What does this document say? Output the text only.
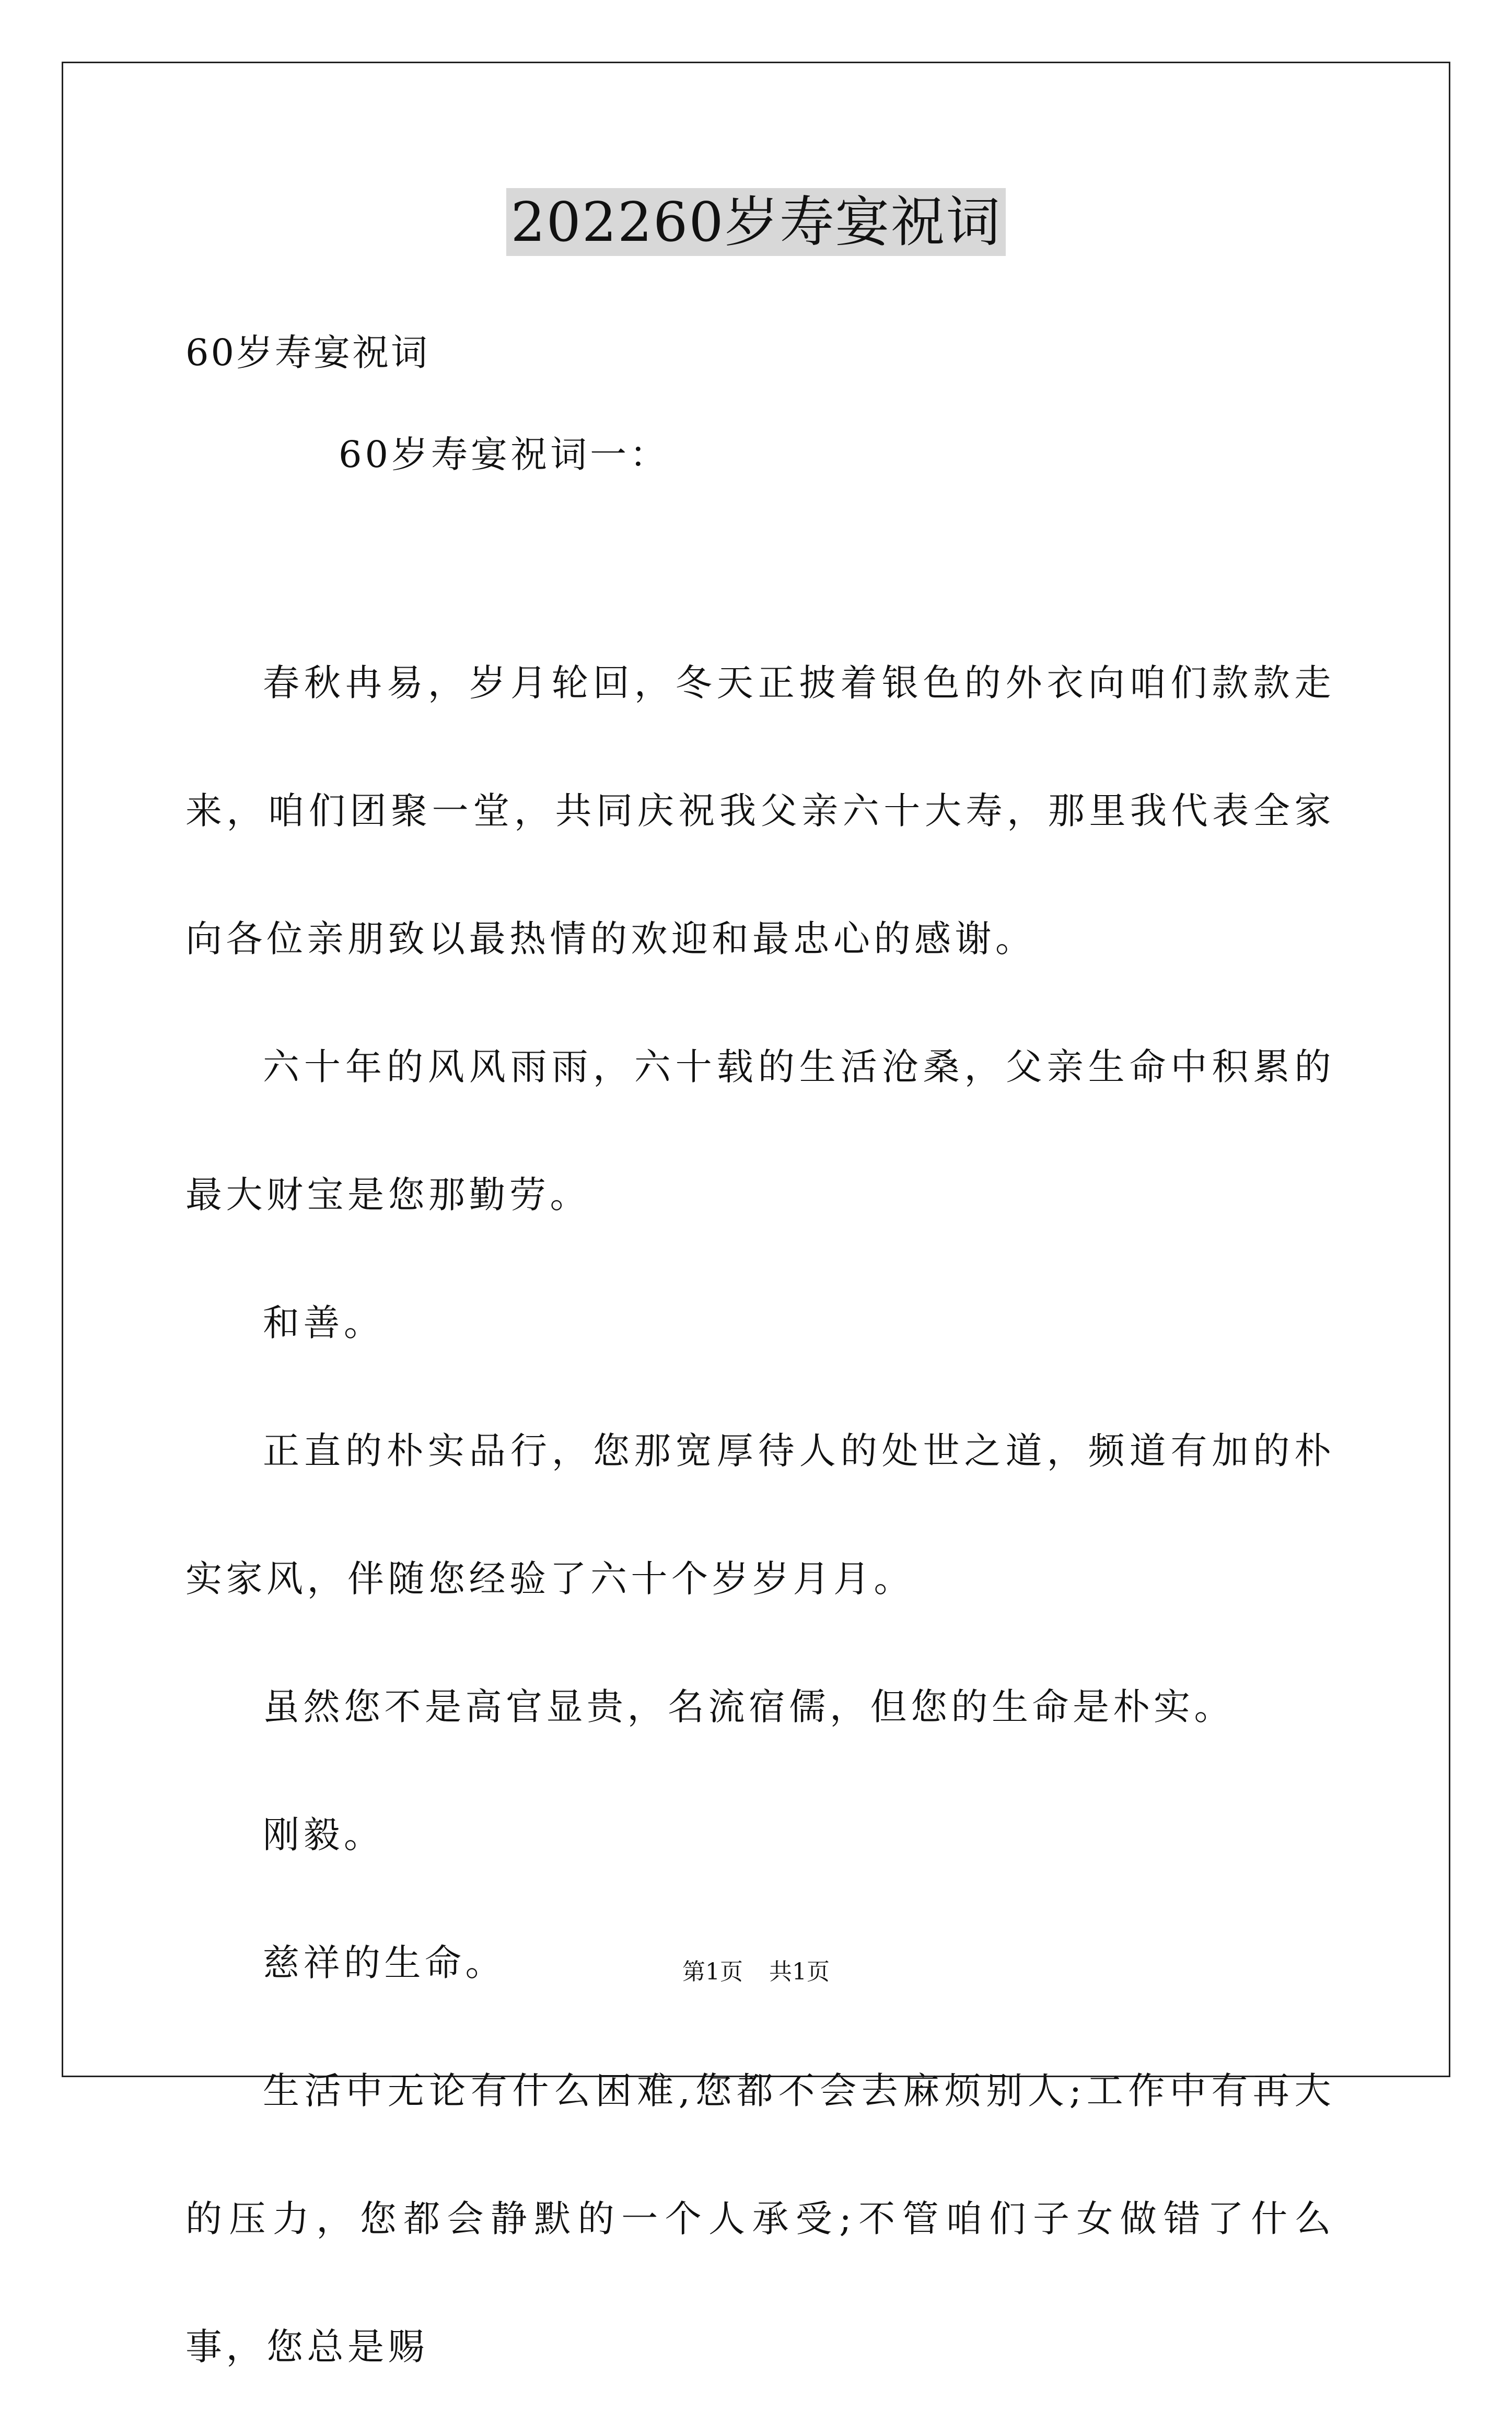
202260岁寿宴祝词
60岁寿宴祝词
60岁寿宴祝词一：

春秋冉易，岁月轮回，冬天正披着银色的外衣向咱们款款走来，咱们团聚一堂，共同庆祝我父亲六十大寿，那里我代表全家向各位亲朋致以最热情的欢迎和最忠心的感谢。

六十年的风风雨雨，六十载的生活沧桑，父亲生命中积累的最大财宝是您那勤劳。

和善。

正直的朴实品行，您那宽厚待人的处世之道，频道有加的朴实家风，伴随您经验了六十个岁岁月月。

虽然您不是高官显贵，名流宿儒，但您的生命是朴实。

刚毅。

慈祥的生命。

生活中无论有什么困难,您都不会去麻烦别人;工作中有再大的压力，您都会静默的一个人承受;不管咱们子女做错了什么事，您总是赐

第1页 共1页
